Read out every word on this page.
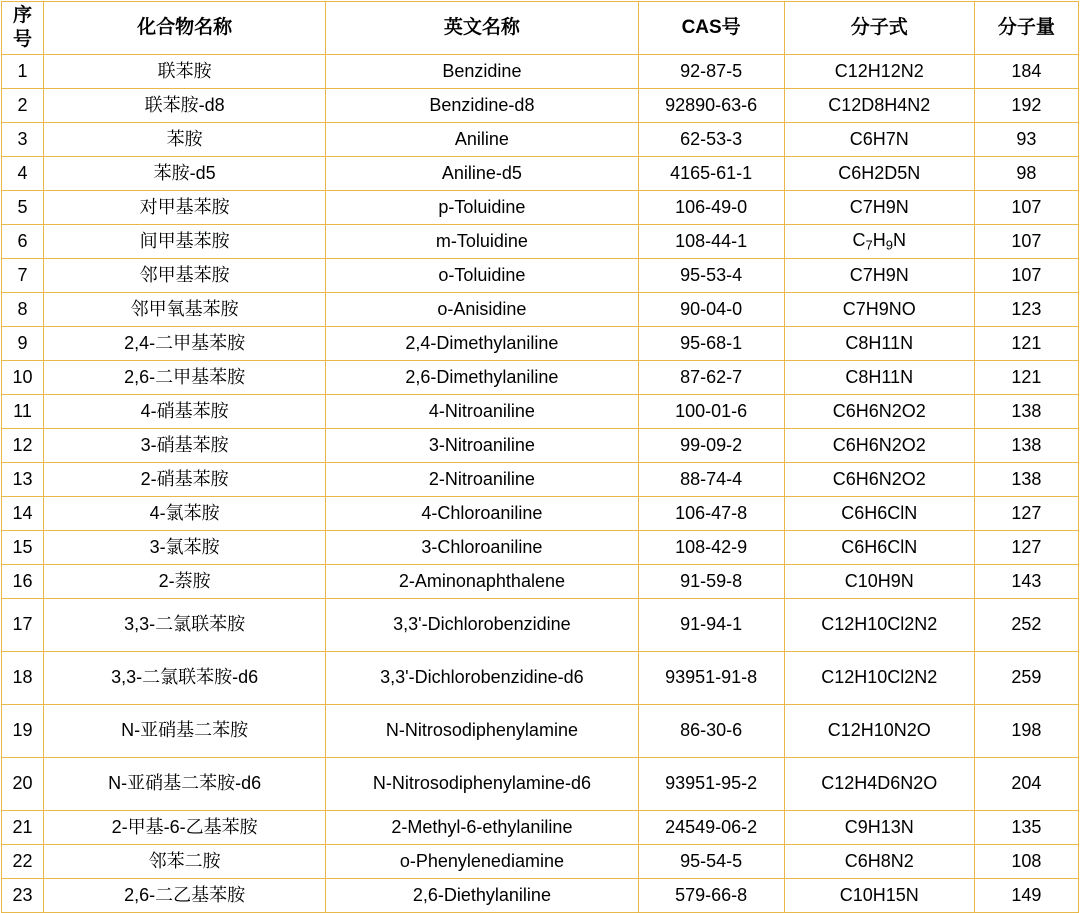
序号	化合物名称	英文名称	CAS号	分子式	分子量
1	联苯胺	Benzidine	92-87-5	C12H12N2	184
2	联苯胺-d8	Benzidine-d8	92890-63-6	C12D8H4N2	192
3	苯胺	Aniline	62-53-3	C6H7N	93
4	苯胺-d5	Aniline-d5	4165-61-1	C6H2D5N	98
5	对甲基苯胺	p-Toluidine	106-49-0	C7H9N	107
6	间甲基苯胺	m-Toluidine	108-44-1	$C_7H_9N$	107
7	邻甲基苯胺	o-Toluidine	95-53-4	C7H9N	107
8	邻甲氧基苯胺	o-Anisidine	90-04-0	C7H9NO	123
9	2,4-二甲基苯胺	2,4-Dimethylaniline	95-68-1	C8H11N	121
10	2,6-二甲基苯胺	2,6-Dimethylaniline	87-62-7	C8H11N	121
11	4-硝基苯胺	4-Nitroaniline	100-01-6	C6H6N2O2	138
12	3-硝基苯胺	3-Nitroaniline	99-09-2	C6H6N2O2	138
13	2-硝基苯胺	2-Nitroaniline	88-74-4	C6H6N2O2	138
14	4-氯苯胺	4-Chloroaniline	106-47-8	C6H6ClN	127
15	3-氯苯胺	3-Chloroaniline	108-42-9	C6H6ClN	127
16	2-萘胺	2-Aminonaphthalene	91-59-8	C10H9N	143
17	3,3-二氯联苯胺	3,3'-Dichlorobenzidine	91-94-1	C12H10Cl2N2	252
18	3,3-二氯联苯胺-d6	3,3'-Dichlorobenzidine-d6	93951-91-8	C12H10Cl2N2	259
19	N-亚硝基二苯胺	N-Nitrosodiphenylamine	86-30-6	C12H10N2O	198
20	N-亚硝基二苯胺-d6	N-Nitrosodiphenylamine-d6	93951-95-2	C12H4D6N2O	204
21	2-甲基-6-乙基苯胺	2-Methyl-6-ethylaniline	24549-06-2	C9H13N	135
22	邻苯二胺	o-Phenylenediamine	95-54-5	C6H8N2	108
23	2,6-二乙基苯胺	2,6-Diethylaniline	579-66-8	C10H15N	149
